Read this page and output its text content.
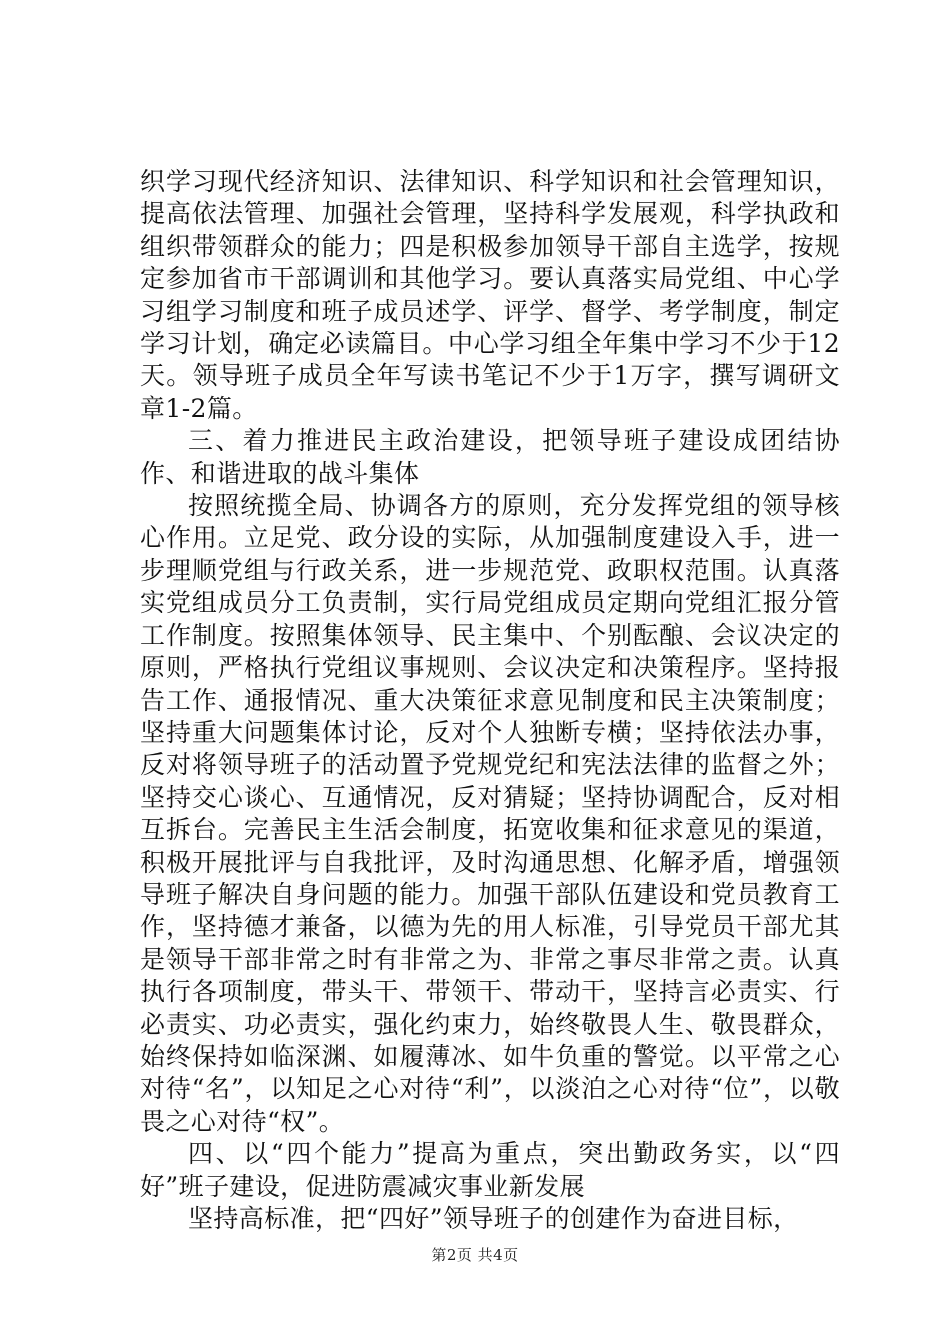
织学习现代经济知识、法律知识、科学知识和社会管理知识，提高依法管理、加强社会管理，坚持科学发展观，科学执政和组织带领群众的能力；四是积极参加领导干部自主选学，按规定参加省市干部调训和其他学习。要认真落实局党组、中心学习组学习制度和班子成员述学、评学、督学、考学制度，制定学习计划，确定必读篇目。中心学习组全年集中学习不少于12天。领导班子成员全年写读书笔记不少于1万字，撰写调研文章1-2篇。

三、着力推进民主政治建设，把领导班子建设成团结协作、和谐进取的战斗集体

按照统揽全局、协调各方的原则，充分发挥党组的领导核心作用。立足党、政分设的实际，从加强制度建设入手，进一步理顺党组与行政关系，进一步规范党、政职权范围。认真落实党组成员分工负责制，实行局党组成员定期向党组汇报分管工作制度。按照集体领导、民主集中、个别酝酿、会议决定的原则，严格执行党组议事规则、会议决定和决策程序。坚持报告工作、通报情况、重大决策征求意见制度和民主决策制度；坚持重大问题集体讨论，反对个人独断专横；坚持依法办事，反对将领导班子的活动置予党规党纪和宪法法律的监督之外；坚持交心谈心、互通情况，反对猜疑；坚持协调配合，反对相互拆台。完善民主生活会制度，拓宽收集和征求意见的渠道，积极开展批评与自我批评，及时沟通思想、化解矛盾，增强领导班子解决自身问题的能力。加强干部队伍建设和党员教育工作，坚持德才兼备，以德为先的用人标准，引导党员干部尤其是领导干部非常之时有非常之为、非常之事尽非常之责。认真执行各项制度，带头干、带领干、带动干，坚持言必责实、行必责实、功必责实，强化约束力，始终敬畏人生、敬畏群众，始终保持如临深渊、如履薄冰、如牛负重的警觉。以平常之心对待“名”，以知足之心对待“利”，以淡泊之心对待“位”，以敬畏之心对待“权”。

四、以“四个能力”提高为重点，突出勤政务实，以“四好”班子建设，促进防震减灾事业新发展

坚持高标准，把“四好”领导班子的创建作为奋进目标，

第2页 共4页
